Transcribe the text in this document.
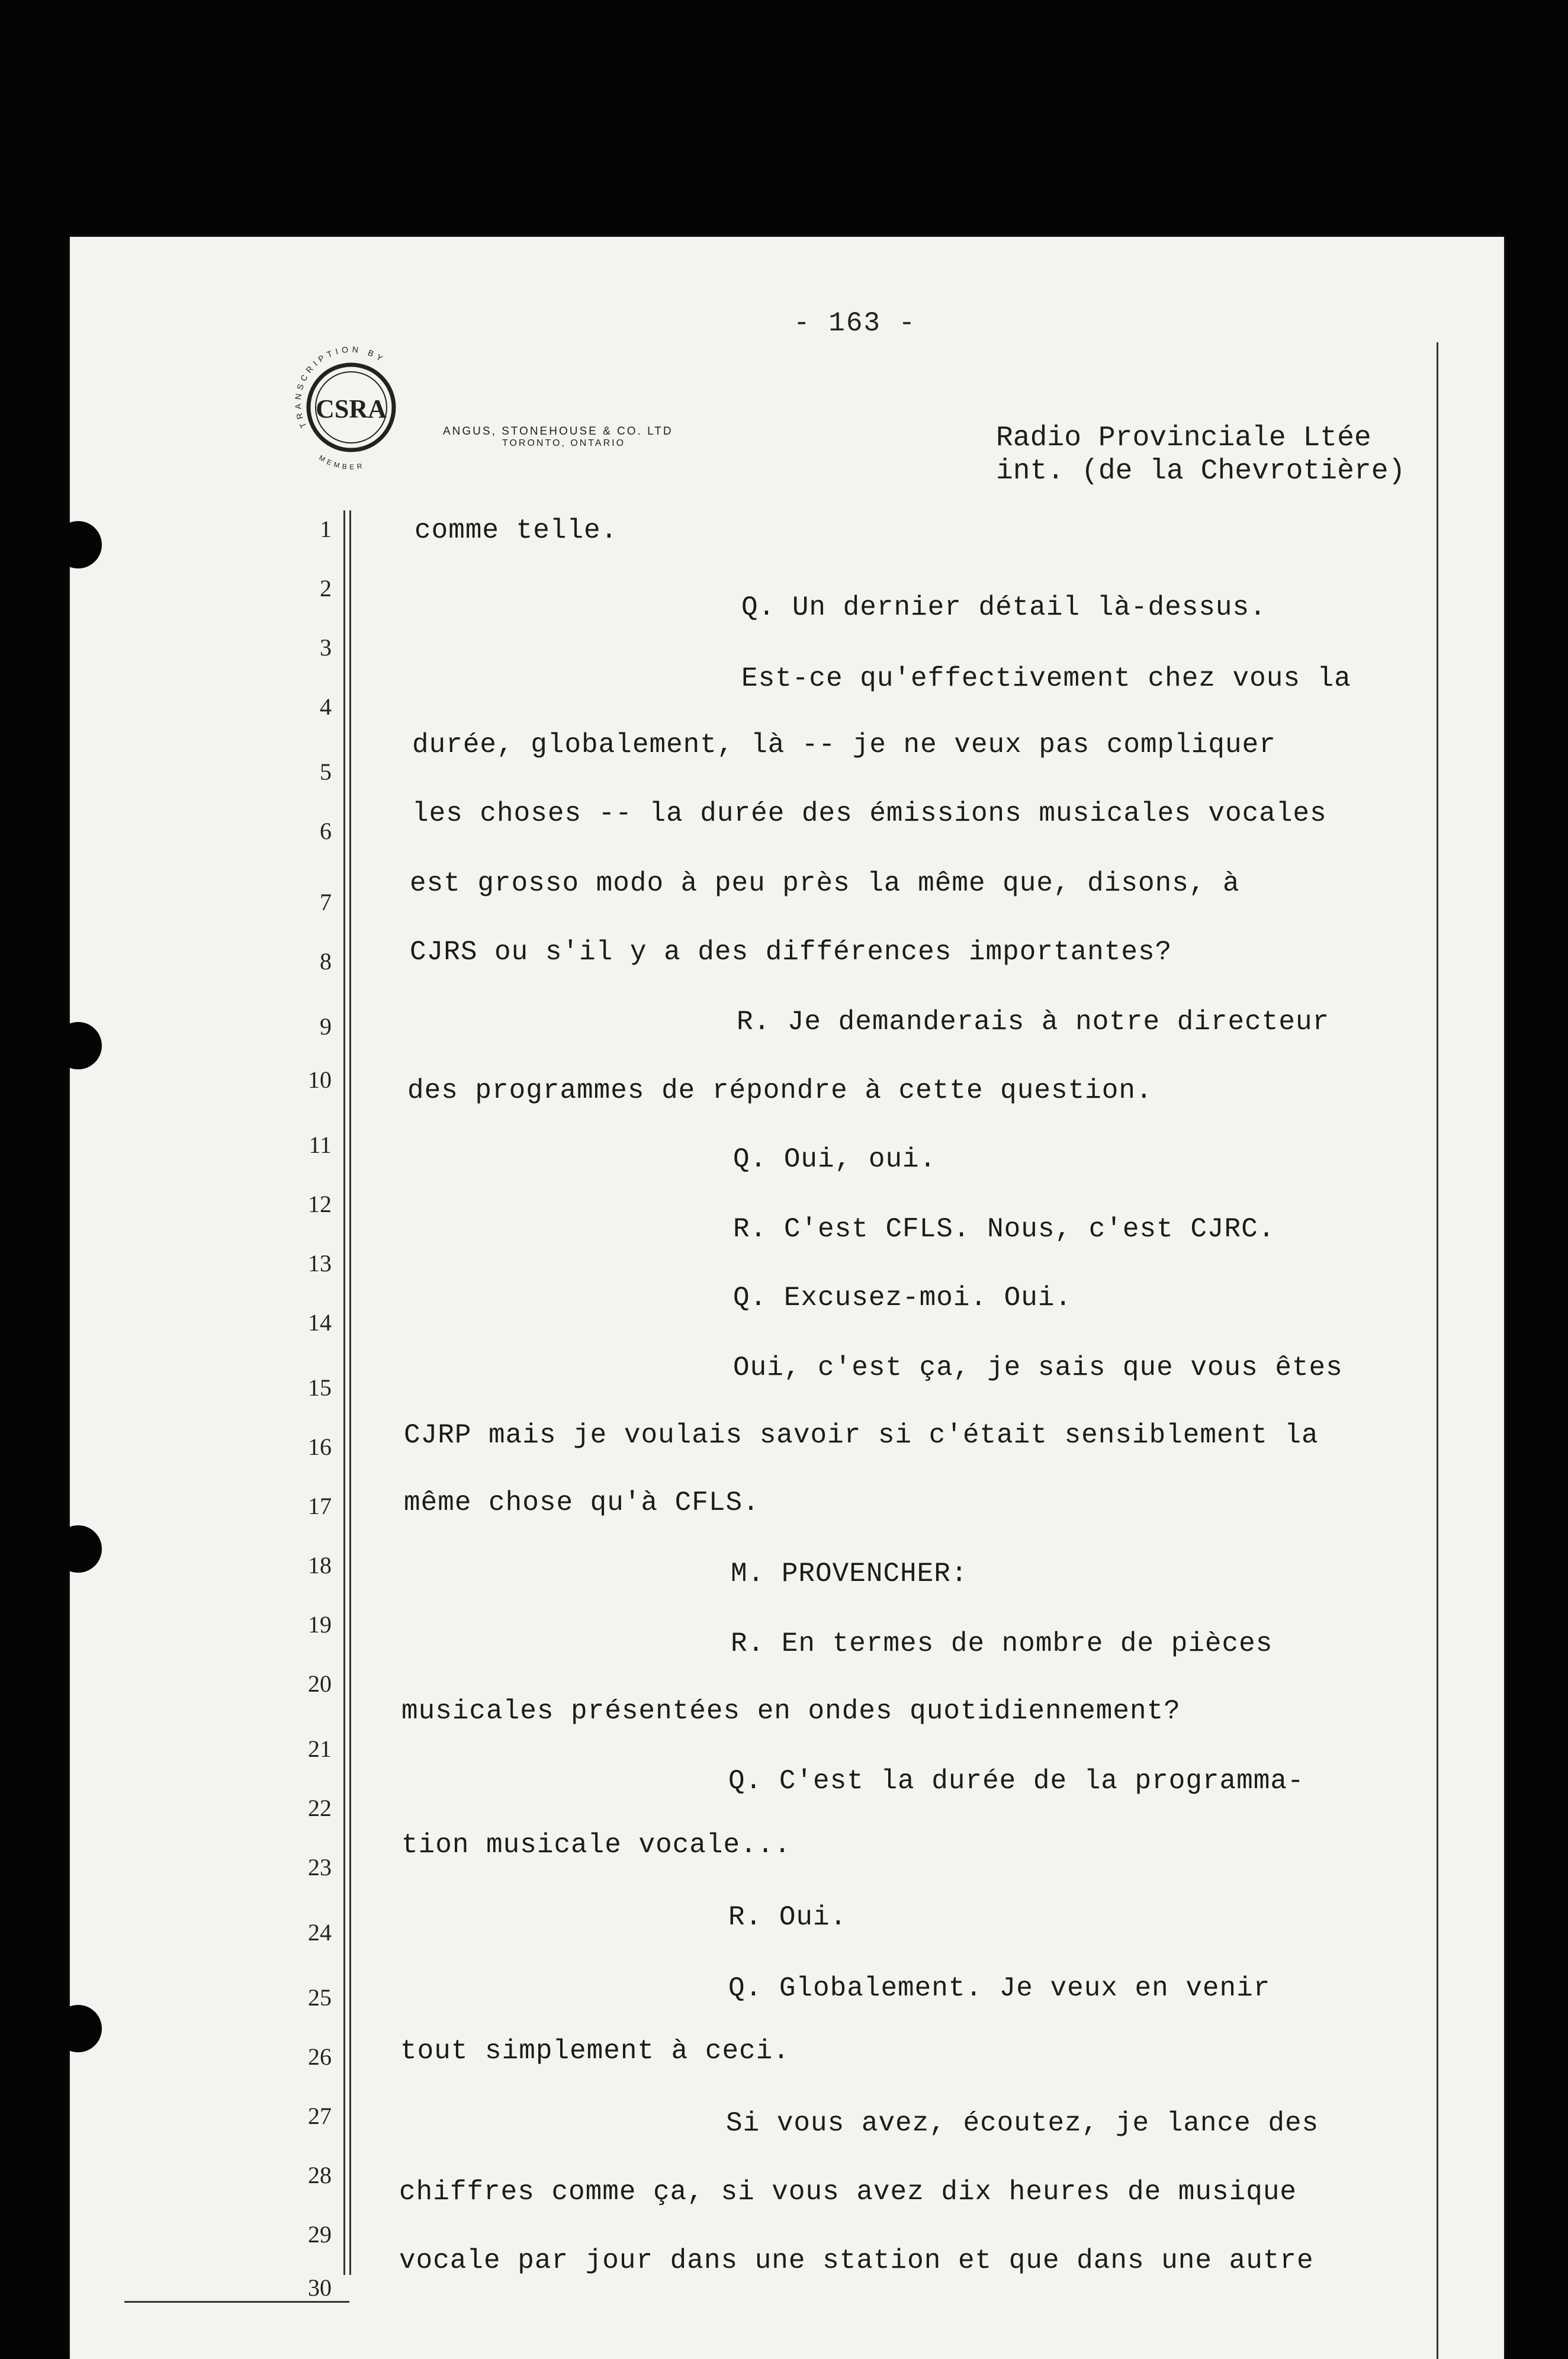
- 163 -
TRANSCRIPTION BY
MEMBER
CSRA
ANGUS, STONEHOUSE & CO. LTD
TORONTO, ONTARIO	Radio Provinciale Ltée
int. (de la Chevrotière)
1
2
3
4
5
6
7
8
9
10
11
12
13
14
15
16
17
18
19
20
21
22
23
24
25
26
27
28
29
30
comme telle.
Q. Un dernier détail là-dessus.
Est-ce qu'effectivement chez vous la
durée, globalement, là -- je ne veux pas compliquer
les choses -- la durée des émissions musicales vocales
est grosso modo à peu près la même que, disons, à
CJRS ou s'il y a des différences importantes?
R. Je demanderais à notre directeur
des programmes de répondre à cette question.
Q. Oui, oui.
R. C'est CFLS. Nous, c'est CJRC.
Q. Excusez-moi. Oui.
Oui, c'est ça, je sais que vous êtes
CJRP mais je voulais savoir si c'était sensiblement la
même chose qu'à CFLS.
M. PROVENCHER:
R. En termes de nombre de pièces
musicales présentées en ondes quotidiennement?
Q. C'est la durée de la programma-
tion musicale vocale...
R. Oui.
Q. Globalement. Je veux en venir
tout simplement à ceci.
Si vous avez, écoutez, je lance des
chiffres comme ça, si vous avez dix heures de musique
vocale par jour dans une station et que dans une autre
